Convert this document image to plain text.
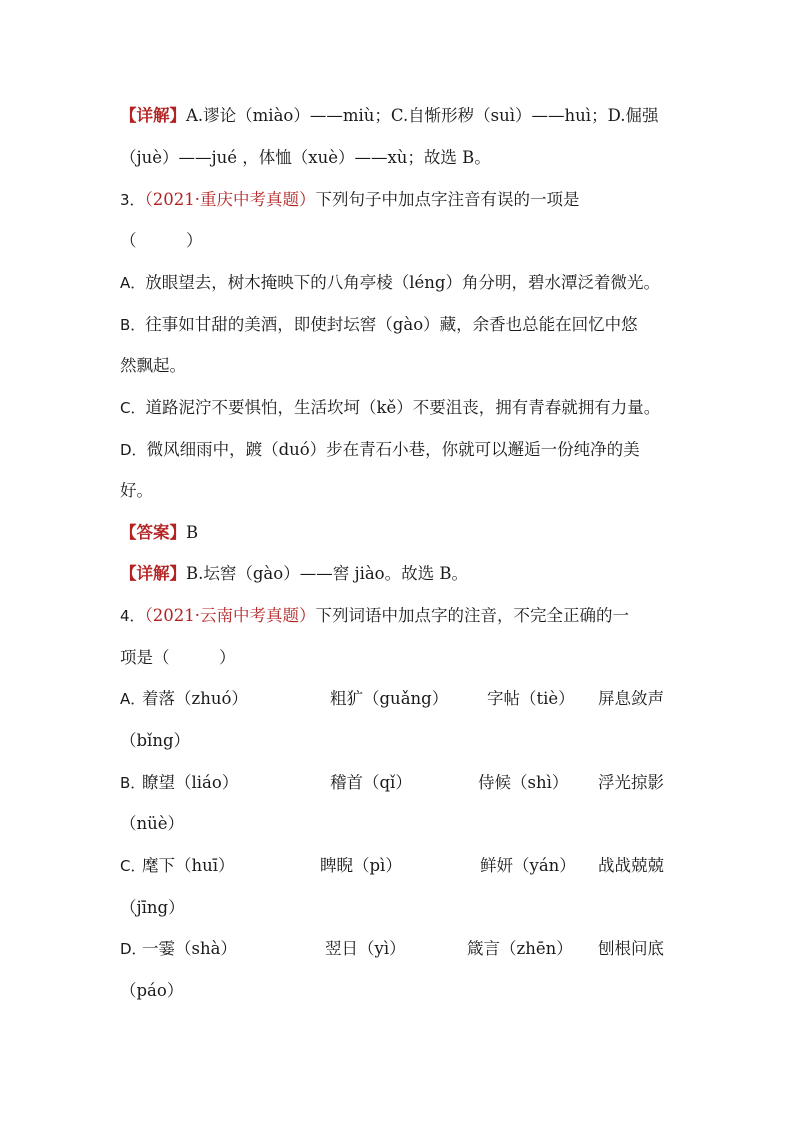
【详解】A.谬论（miào）——miù；C.自惭形秽（suì）——huì；D.倔强
（juè）——jué ，体恤（xuè）——xù；故选 B。
3．（2021·重庆中考真题）下列句子中加点字注音有误的一项是
（　　　）
A．放眼望去，树木掩映下的八角亭棱（léng）角分明，碧水潭泛着微光。
B．往事如甘甜的美酒，即使封坛窖（gào）藏，余香也总能在回忆中悠
然飘起。
C．道路泥泞不要惧怕，生活坎坷（kě）不要沮丧，拥有青春就拥有力量。
D．微风细雨中，踱（duó）步在青石小巷，你就可以邂逅一份纯净的美
好。
【答案】B
【详解】B.坛窖（gào）——窖 jiào。故选 B。
4．（2021·云南中考真题）下列词语中加点字的注音，不完全正确的一
项是（　　　）
A．
着落（zhuó）	粗犷（guǎng） 字帖（tiè） 屏息敛声
（bǐng）
B．
瞭望（liáo）	稽首（qǐ）	侍候（shì） 浮光掠影
（nüè）
C．
麾下（huī）	睥睨（pì）	鲜妍（yán） 战战兢兢
（jīng）
D．
一霎（shà）	翌日（yì）	箴言（zhēn） 刨根问底
（páo）
